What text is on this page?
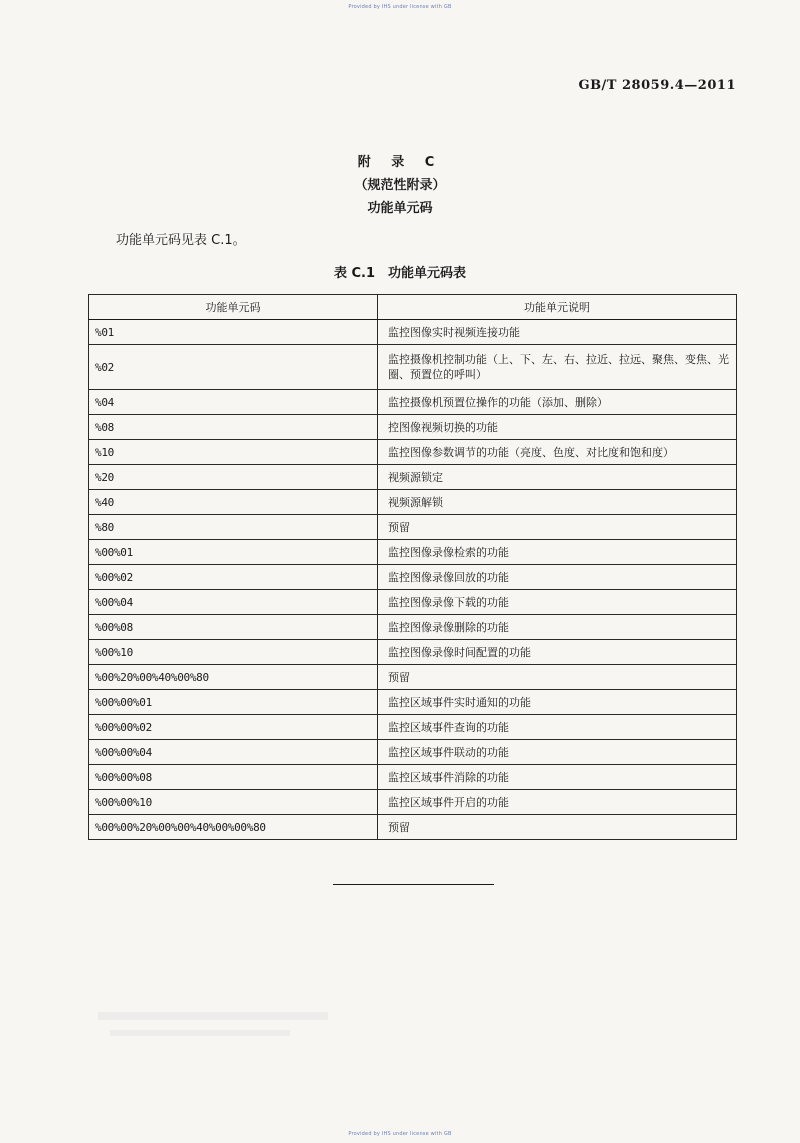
Provided by IHS under license with GB
GB/T 28059.4—2011
附 录 C
（规范性附录）
功能单元码
功能单元码见表 C.1。
表 C.1　功能单元码表
功能单元码	功能单元说明
%01	监控图像实时视频连接功能
%02	监控摄像机控制功能（上、下、左、右、拉近、拉远、聚焦、变焦、光圈、预置位的呼叫）
%04	监控摄像机预置位操作的功能（添加、删除）
%08	控图像视频切换的功能
%10	监控图像参数调节的功能（亮度、色度、对比度和饱和度）
%20	视频源锁定
%40	视频源解锁
%80	预留
%00%01	监控图像录像检索的功能
%00%02	监控图像录像回放的功能
%00%04	监控图像录像下载的功能
%00%08	监控图像录像删除的功能
%00%10	监控图像录像时间配置的功能
%00%20%00%40%00%80	预留
%00%00%01	监控区域事件实时通知的功能
%00%00%02	监控区域事件查询的功能
%00%00%04	监控区域事件联动的功能
%00%00%08	监控区域事件消除的功能
%00%00%10	监控区域事件开启的功能
%00%00%20%00%00%40%00%00%80	预留
Provided by IHS under license with GB
